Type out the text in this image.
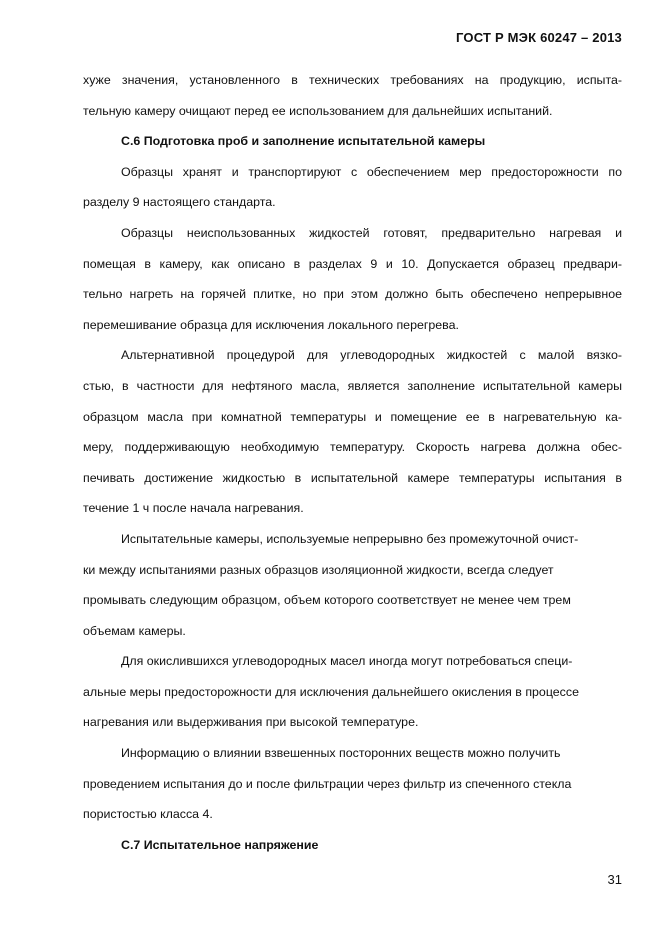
ГОСТ Р МЭК 60247 – 2013
хуже значения, установленного в технических требованиях на продукцию, испыта-
тельную камеру очищают перед ее использованием для дальнейших испытаний.
С.6 Подготовка проб и заполнение испытательной камеры
Образцы хранят и транспортируют с обеспечением мер предосторожности по
разделу 9 настоящего стандарта.
Образцы неиспользованных жидкостей готовят, предварительно нагревая и
помещая в камеру, как описано в разделах 9 и 10. Допускается образец предвари-
тельно нагреть на горячей плитке, но при этом должно быть обеспечено непрерывное
перемешивание образца для исключения локального перегрева.
Альтернативной процедурой для углеводородных жидкостей с малой вязко-
стью, в частности для нефтяного масла, является заполнение испытательной камеры
образцом масла при комнатной температуры и помещение ее в нагревательную ка-
меру, поддерживающую необходимую температуру. Скорость нагрева должна обес-
печивать достижение жидкостью в испытательной камере температуры испытания в
течение 1 ч после начала нагревания.
Испытательные камеры, используемые непрерывно без промежуточной очист-
ки между испытаниями разных образцов изоляционной жидкости, всегда следует
промывать следующим образцом, объем которого соответствует не менее чем трем
объемам камеры.
Для окислившихся углеводородных масел иногда могут потребоваться специ-
альные меры предосторожности для исключения дальнейшего окисления в процессе
нагревания или выдерживания при высокой температуре.
Информацию о влиянии взвешенных посторонних веществ можно получить
проведением испытания до и после фильтрации через фильтр из спеченного стекла
пористостью класса 4.
С.7 Испытательное напряжение
31
